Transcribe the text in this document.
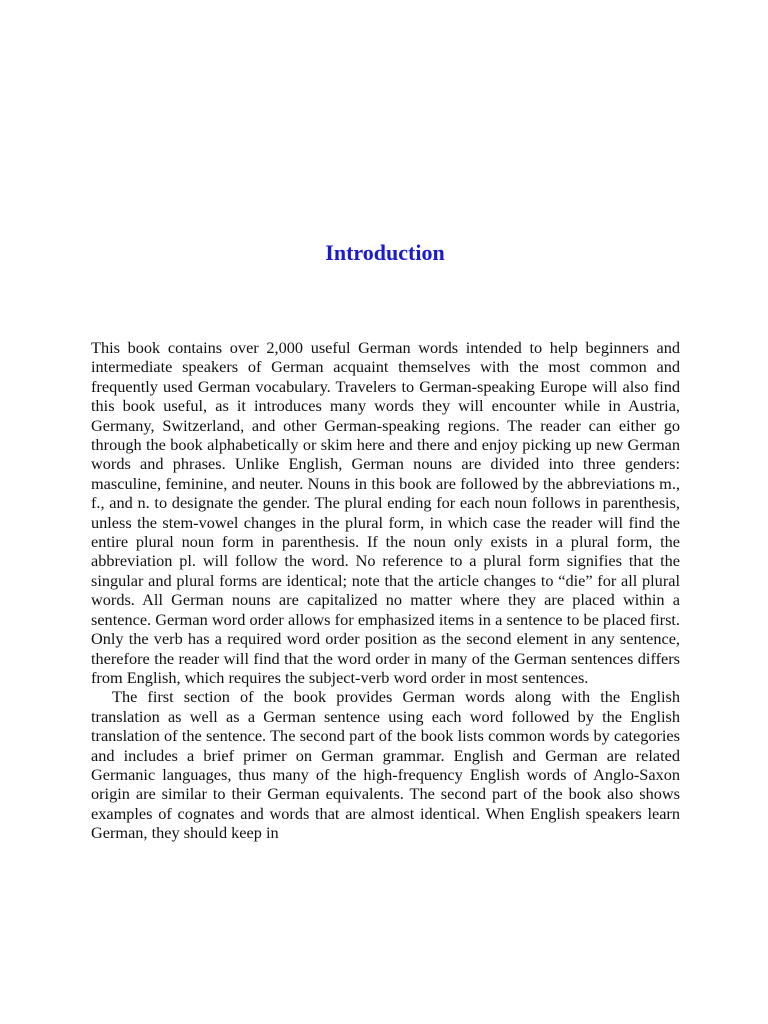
Introduction

This book contains over 2,000 useful German words intended to help beginners and intermediate speakers of German acquaint themselves with the most common and frequently used German vocabulary. Travelers to German-speaking Europe will also find this book useful, as it introduces many words they will encounter while in Austria, Germany, Switzerland, and other German-speaking regions. The reader can either go through the book alphabetically or skim here and there and enjoy picking up new German words and phrases. Unlike English, German nouns are divided into three genders: masculine, feminine, and neuter. Nouns in this book are followed by the abbreviations m., f., and n. to designate the gender. The plural ending for each noun follows in parenthesis, unless the stem-vowel changes in the plural form, in which case the reader will find the entire plural noun form in parenthesis. If the noun only exists in a plural form, the abbreviation pl. will follow the word. No reference to a plural form signifies that the singular and plural forms are identical; note that the article changes to “die” for all plural words. All German nouns are capitalized no matter where they are placed within a sentence. German word order allows for emphasized items in a sentence to be placed first. Only the verb has a required word order position as the second element in any sentence, therefore the reader will find that the word order in many of the German sentences differs from English, which requires the subject-verb word order in most sentences.

The first section of the book provides German words along with the English translation as well as a German sentence using each word followed by the English translation of the sentence. The second part of the book lists common words by categories and includes a brief primer on German grammar. English and German are related Germanic languages, thus many of the high-frequency English words of Anglo-Saxon origin are similar to their German equivalents. The second part of the book also shows examples of cognates and words that are almost identical. When English speakers learn German, they should keep in
